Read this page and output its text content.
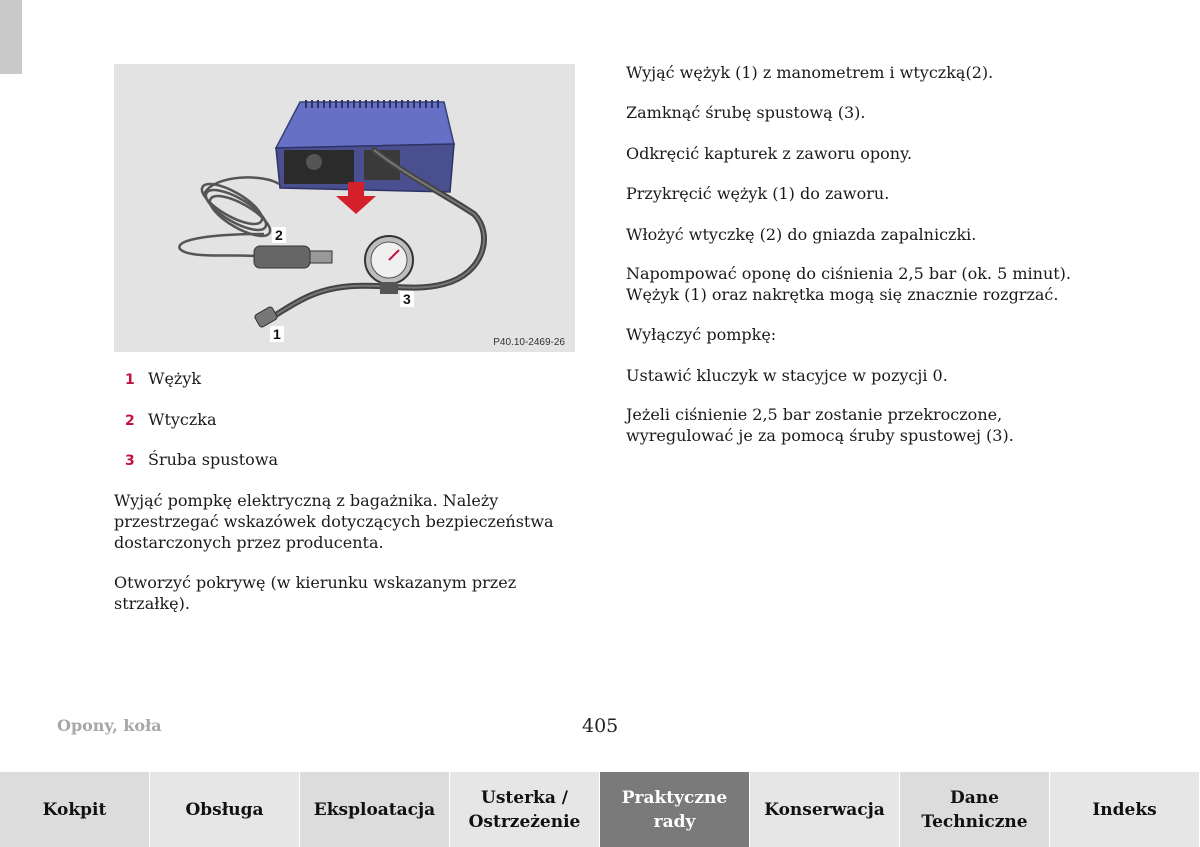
2
3
1
P40.10-2469-26
1 Wężyk
2 Wtyczka
3 Śruba spustowa

Wyjąć pompkę elektryczną z bagażnika. Należy przestrzegać wskazówek dotyczących bezpieczeństwa dostarczonych przez producenta.

Otworzyć pokrywę (w kierunku wskazanym przez strzałkę).

Wyjąć wężyk (1) z manometrem i wtyczką(2).

Zamknąć śrubę spustową (3).

Odkręcić kapturek z zaworu opony.

Przykręcić wężyk (1) do zaworu.

Włożyć wtyczkę (2) do gniazda zapalniczki.

Napompować oponę do ciśnienia 2,5 bar (ok. 5 minut).

Wężyk (1) oraz nakrętka mogą się znacznie rozgrzać.

Wyłączyć pompkę:

Ustawić kluczyk w stacyjce w pozycji 0.

Jeżeli ciśnienie 2,5 bar zostanie przekroczone, wyregulować je za pomocą śruby spustowej (3).

Opony, koła	405
Kokpit	Obsługa	Eksploatacja
Usterka /
Ostrzeżenie
Praktyczne
rady
Konserwacja
Dane
Techniczne
Indeks
